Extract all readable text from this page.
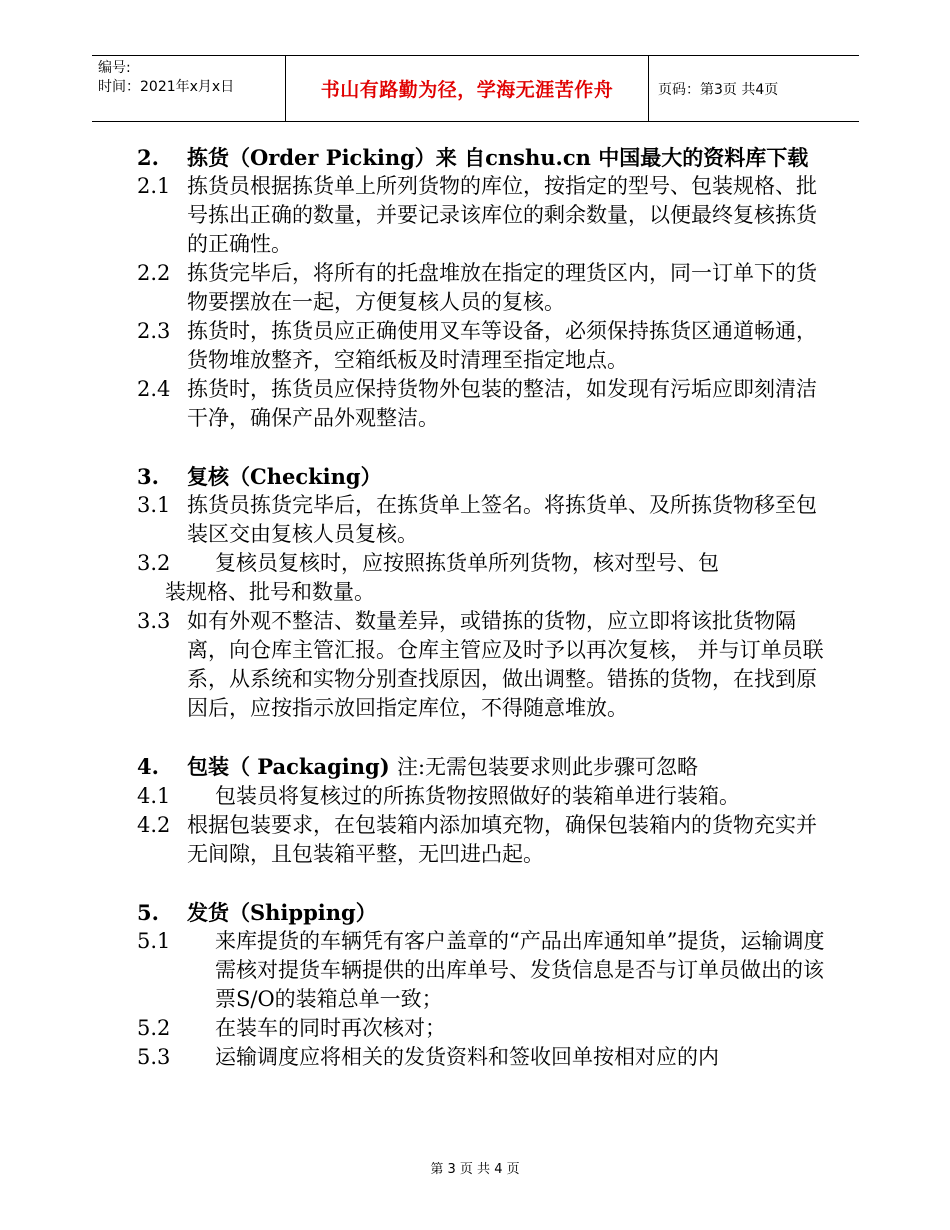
编号:
时间：2021年x月x日	书山有路勤为径，学海无涯苦作舟	页码：第3页 共4页
2.	拣货（Order Picking）来 自cnshu.cn 中国最大的资料库下载
2.1 拣货员根据拣货单上所列货物的库位，按指定的型号、包装规格、批号拣出正确的数量，并要记录该库位的剩余数量，以便最终复核拣货的正确性。
2.2 拣货完毕后，将所有的托盘堆放在指定的理货区内，同一订单下的货物要摆放在一起，方便复核人员的复核。
2.3 拣货时，拣货员应正确使用叉车等设备，必须保持拣货区通道畅通，货物堆放整齐，空箱纸板及时清理至指定地点。
2.4 拣货时，拣货员应保持货物外包装的整洁，如发现有污垢应即刻清洁干净，确保产品外观整洁。
3.	复核（Checking）
3.1 拣货员拣货完毕后，在拣货单上签名。将拣货单、及所拣货物移至包装区交由复核人员复核。
3.2	复核员复核时，应按照拣货单所列货物，核对型号、包
装规格、批号和数量。
3.3 如有外观不整洁、数量差异，或错拣的货物，应立即将该批货物隔离，向仓库主管汇报。仓库主管应及时予以再次复核， 并与订单员联系，从系统和实物分别查找原因，做出调整。错拣的货物，在找到原因后，应按指示放回指定库位，不得随意堆放。
4.	包装（ Packaging) 注:无需包装要求则此步骤可忽略
4.1	包装员将复核过的所拣货物按照做好的装箱单进行装箱。
4.2 根据包装要求，在包装箱内添加填充物，确保包装箱内的货物充实并无间隙，且包装箱平整，无凹进凸起。
5.	发货（Shipping）
5.1	来库提货的车辆凭有客户盖章的“产品出库通知单”提货，运输调度需核对提货车辆提供的出库单号、发货信息是否与订单员做出的该票S/O的装箱总单一致；
5.2	在装车的同时再次核对；
5.3	运输调度应将相关的发货资料和签收回单按相对应的内
第 3 页 共 4 页
